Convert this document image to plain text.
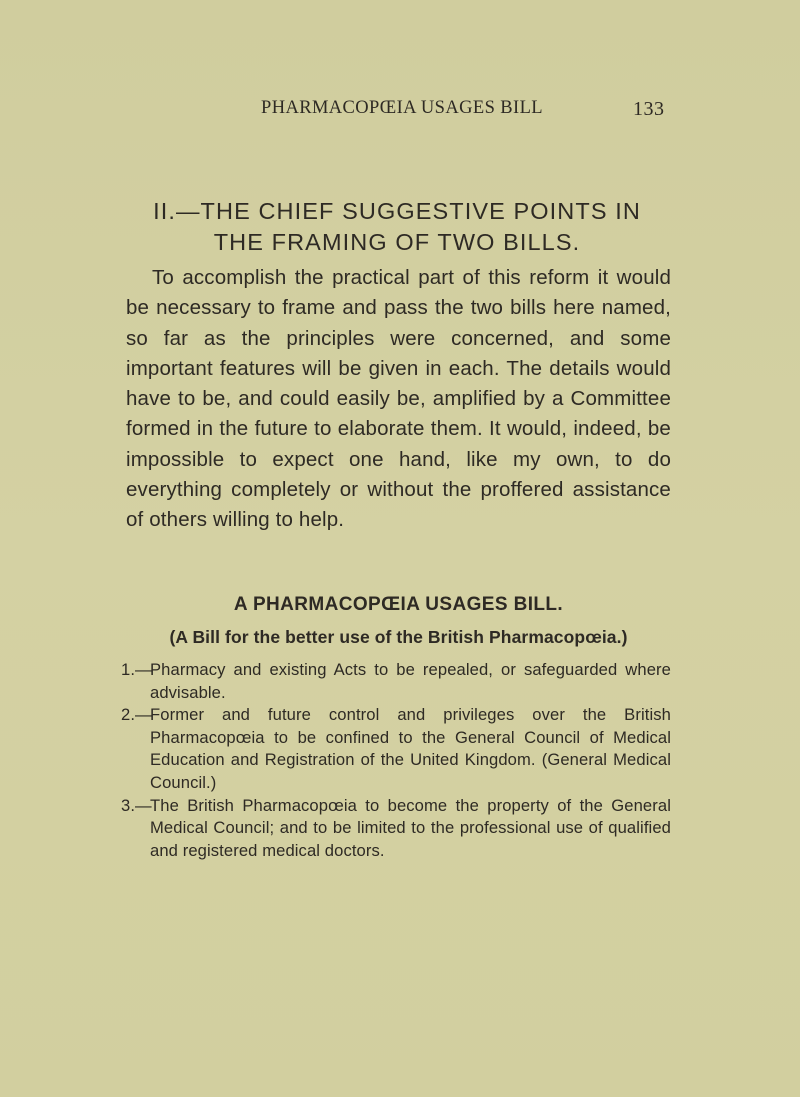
PHARMACOPŒIA USAGES BILL	133
II.—THE CHIEF SUGGESTIVE POINTS IN
THE FRAMING OF TWO BILLS.

To accomplish the practical part of this reform it would be necessary to frame and pass the two bills here named, so far as the principles were concerned, and some important features will be given in each. The details would have to be, and could easily be, amplified by a Committee formed in the future to elaborate them. It would, indeed, be impossible to expect one hand, like my own, to do everything completely or without the proffered assistance of others willing to help.

A PHARMACOPŒIA USAGES BILL.

(A Bill for the better use of the British Pharmacopœia.)

1.—
Pharmacy and existing Acts to be repealed, or safeguarded where advisable.
2.—
Former and future control and privileges over the British Pharmacopœia to be confined to the General Council of Medical Education and Registration of the United Kingdom. (General Medical Council.)
3.—
The British Pharmacopœia to become the property of the General Medical Council; and to be limited to the professional use of qualified and registered medical doctors.
